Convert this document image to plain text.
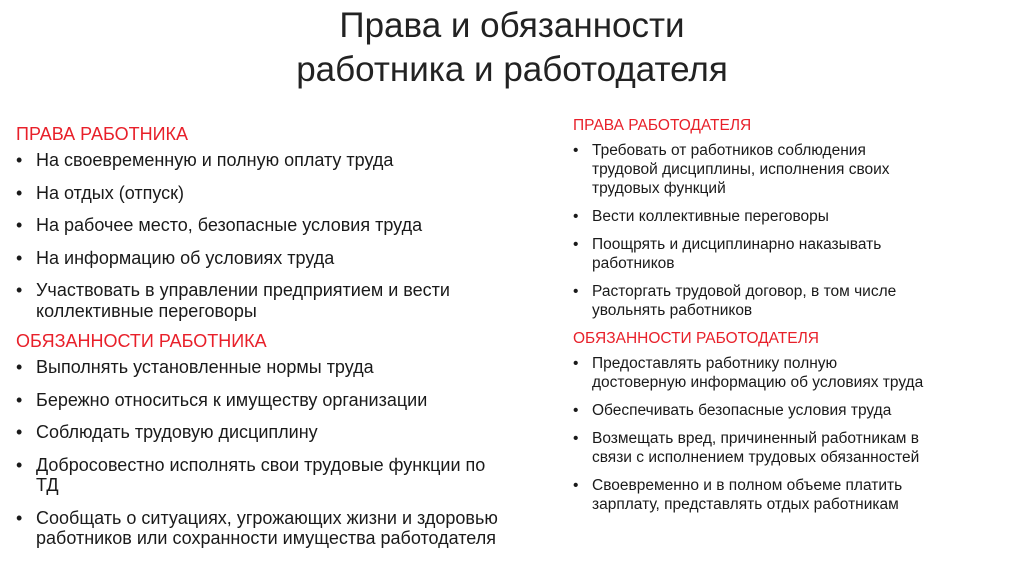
Права и обязанности
работника и работодателя
ПРАВА РАБОТНИКА
• На своевременную и полную оплату труда
• На отдых (отпуск)
• На рабочее место, безопасные условия труда
• На информацию об условиях труда
• Участвовать в управлении предприятием и вести
коллективные переговоры
ОБЯЗАННОСТИ РАБОТНИКА
• Выполнять установленные нормы труда
• Бережно относиться к имуществу организации
• Соблюдать трудовую дисциплину
• Добросовестно исполнять свои трудовые функции по
ТД
• Сообщать о ситуациях, угрожающих жизни и здоровью
работников или сохранности имущества работодателя
ПРАВА РАБОТОДАТЕЛЯ
• Требовать от работников соблюдения
трудовой дисциплины, исполнения своих
трудовых функций
• Вести коллективные переговоры
• Поощрять и дисциплинарно наказывать
работников
• Расторгать трудовой договор, в том числе
увольнять работников
ОБЯЗАННОСТИ РАБОТОДАТЕЛЯ
• Предоставлять работнику полную
достоверную информацию об условиях труда
• Обеспечивать безопасные условия труда
• Возмещать вред, причиненный работникам в
связи с исполнением трудовых обязанностей
• Своевременно и в полном объеме платить
зарплату, представлять отдых работникам
